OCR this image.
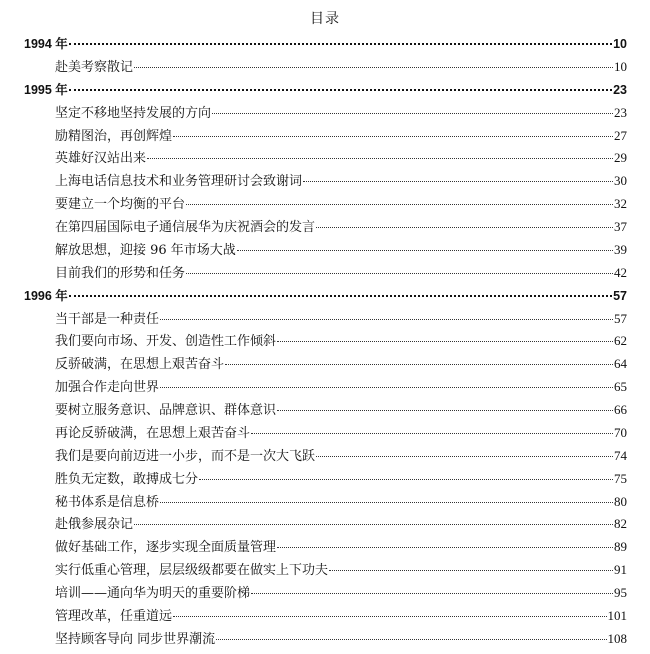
目录
1994 年	10
赴美考察散记	10
1995 年	23
坚定不移地坚持发展的方向	23
励精图治，再创辉煌	27
英雄好汉站出来	29
上海电话信息技术和业务管理研讨会致谢词	30
要建立一个均衡的平台	32
在第四届国际电子通信展华为庆祝酒会的发言	37
解放思想，迎接 96 年市场大战	39
目前我们的形势和任务	42
1996 年	57
当干部是一种责任	57
我们要向市场、开发、创造性工作倾斜	62
反骄破满，在思想上艰苦奋斗	64
加强合作走向世界	65
要树立服务意识、品牌意识、群体意识	66
再论反骄破满，在思想上艰苦奋斗	70
我们是要向前迈进一小步，而不是一次大飞跃	74
胜负无定数，敢搏成七分	75
秘书体系是信息桥	80
赴俄参展杂记	82
做好基础工作，逐步实现全面质量管理	89
实行低重心管理，层层级级都要在做实上下功夫	91
培训——通向华为明天的重要阶梯	95
管理改革，任重道远	101
坚持顾客导向 同步世界潮流	108
